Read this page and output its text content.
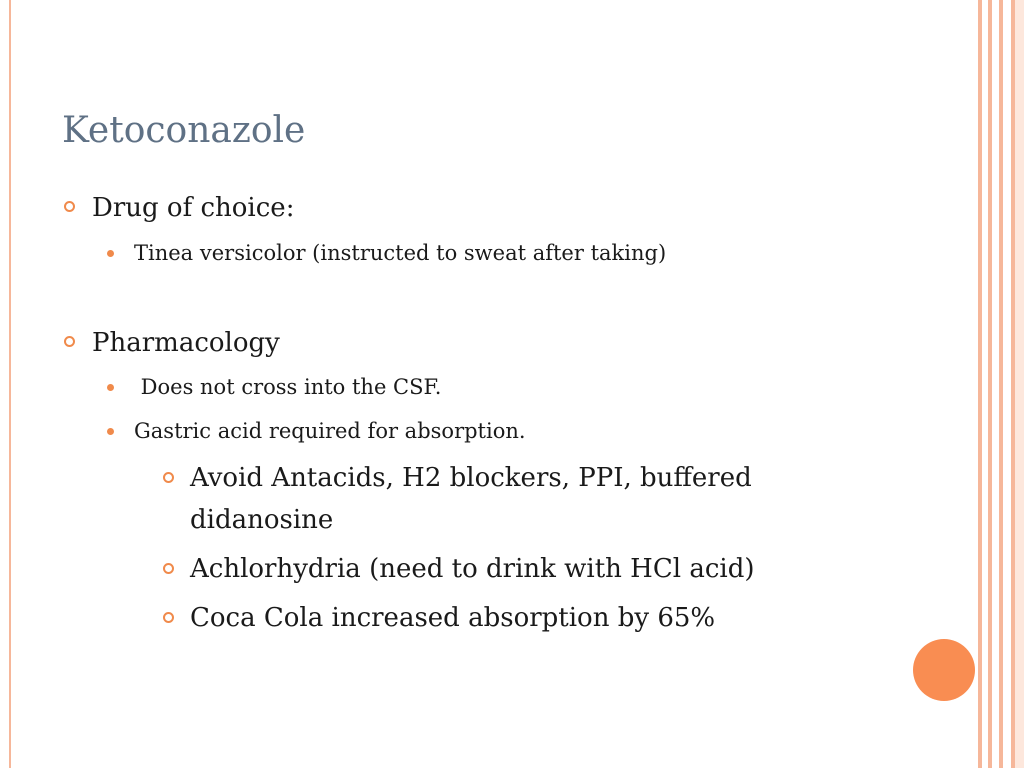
Ketoconazole
Drug of choice:
Tinea versicolor (instructed to sweat after taking)
Pharmacology
Does not cross into the CSF.
Gastric acid required for absorption.
Avoid Antacids, H2 blockers, PPI, buffered didanosine
Achlorhydria (need to drink with HCl acid)
Coca Cola increased absorption by 65%
